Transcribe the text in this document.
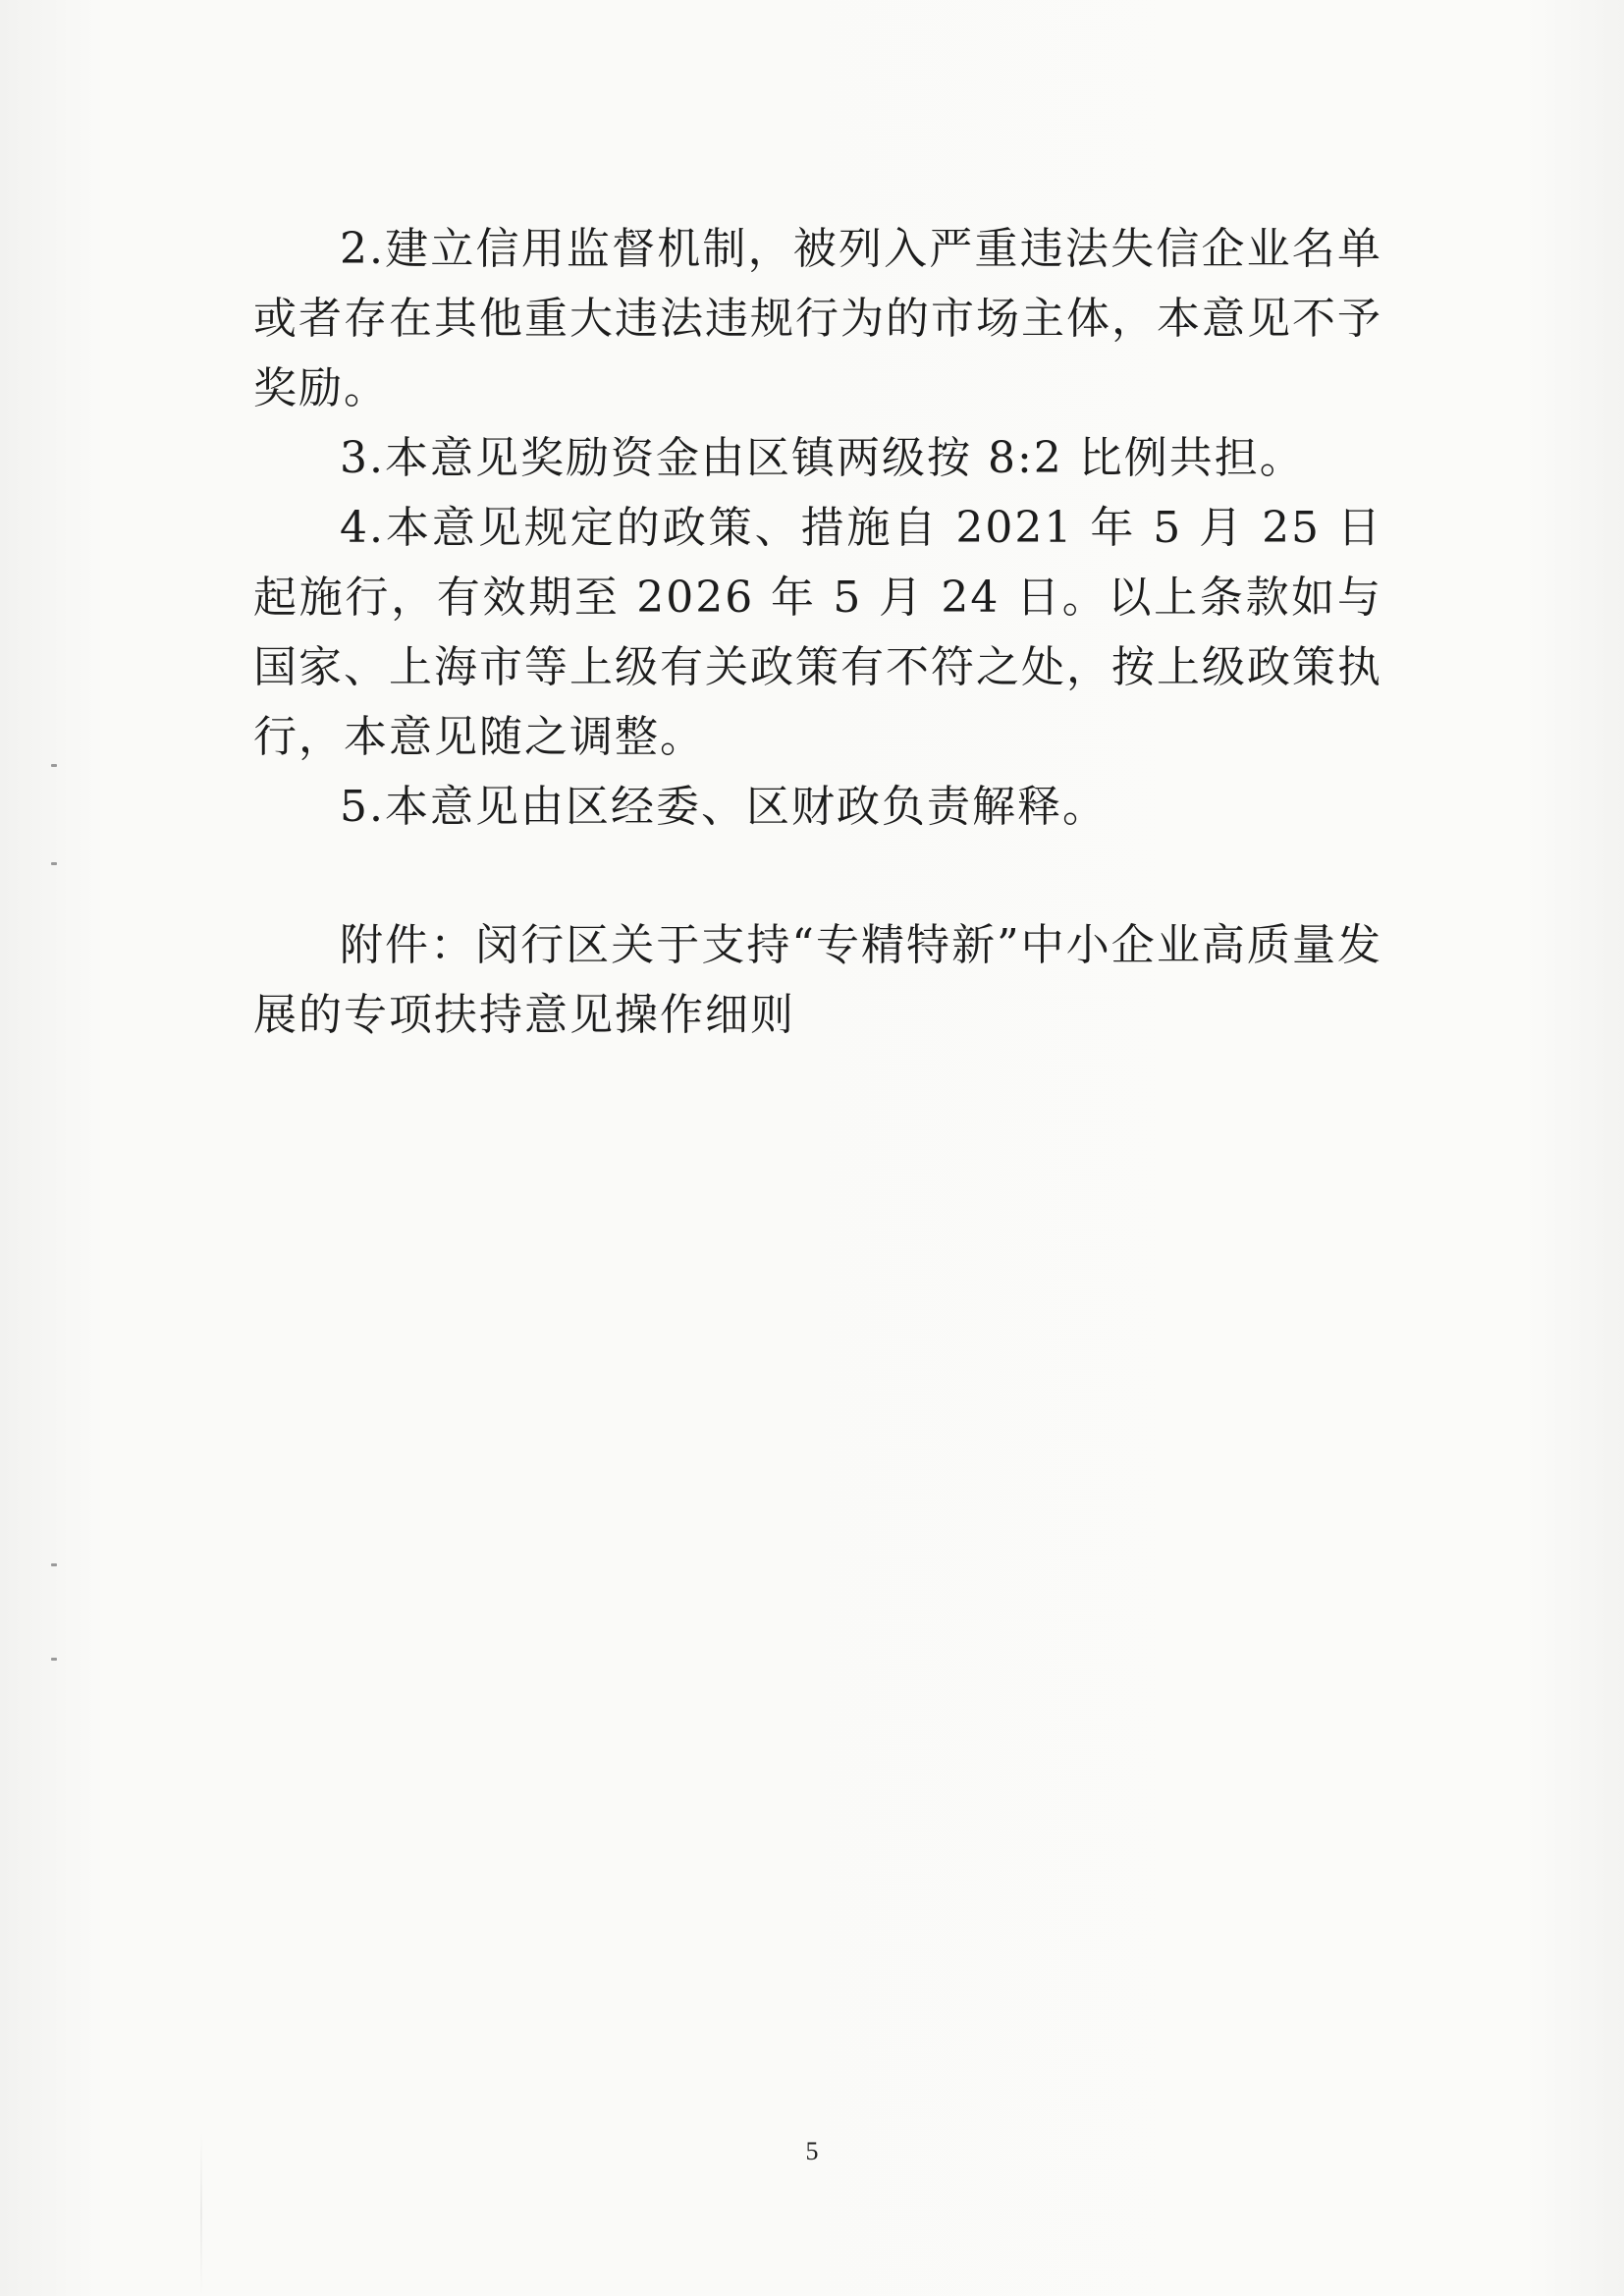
2.建立信用监督机制，被列入严重违法失信企业名单或者存在其他重大违法违规行为的市场主体，本意见不予奖励。

3.本意见奖励资金由区镇两级按 8:2 比例共担。

4.本意见规定的政策、措施自 2021 年 5 月 25 日起施行，有效期至 2026 年 5 月 24 日。以上条款如与国家、上海市等上级有关政策有不符之处，按上级政策执行，本意见随之调整。

5.本意见由区经委、区财政负责解释。

附件：闵行区关于支持“专精特新”中小企业高质量发展的专项扶持意见操作细则

5
